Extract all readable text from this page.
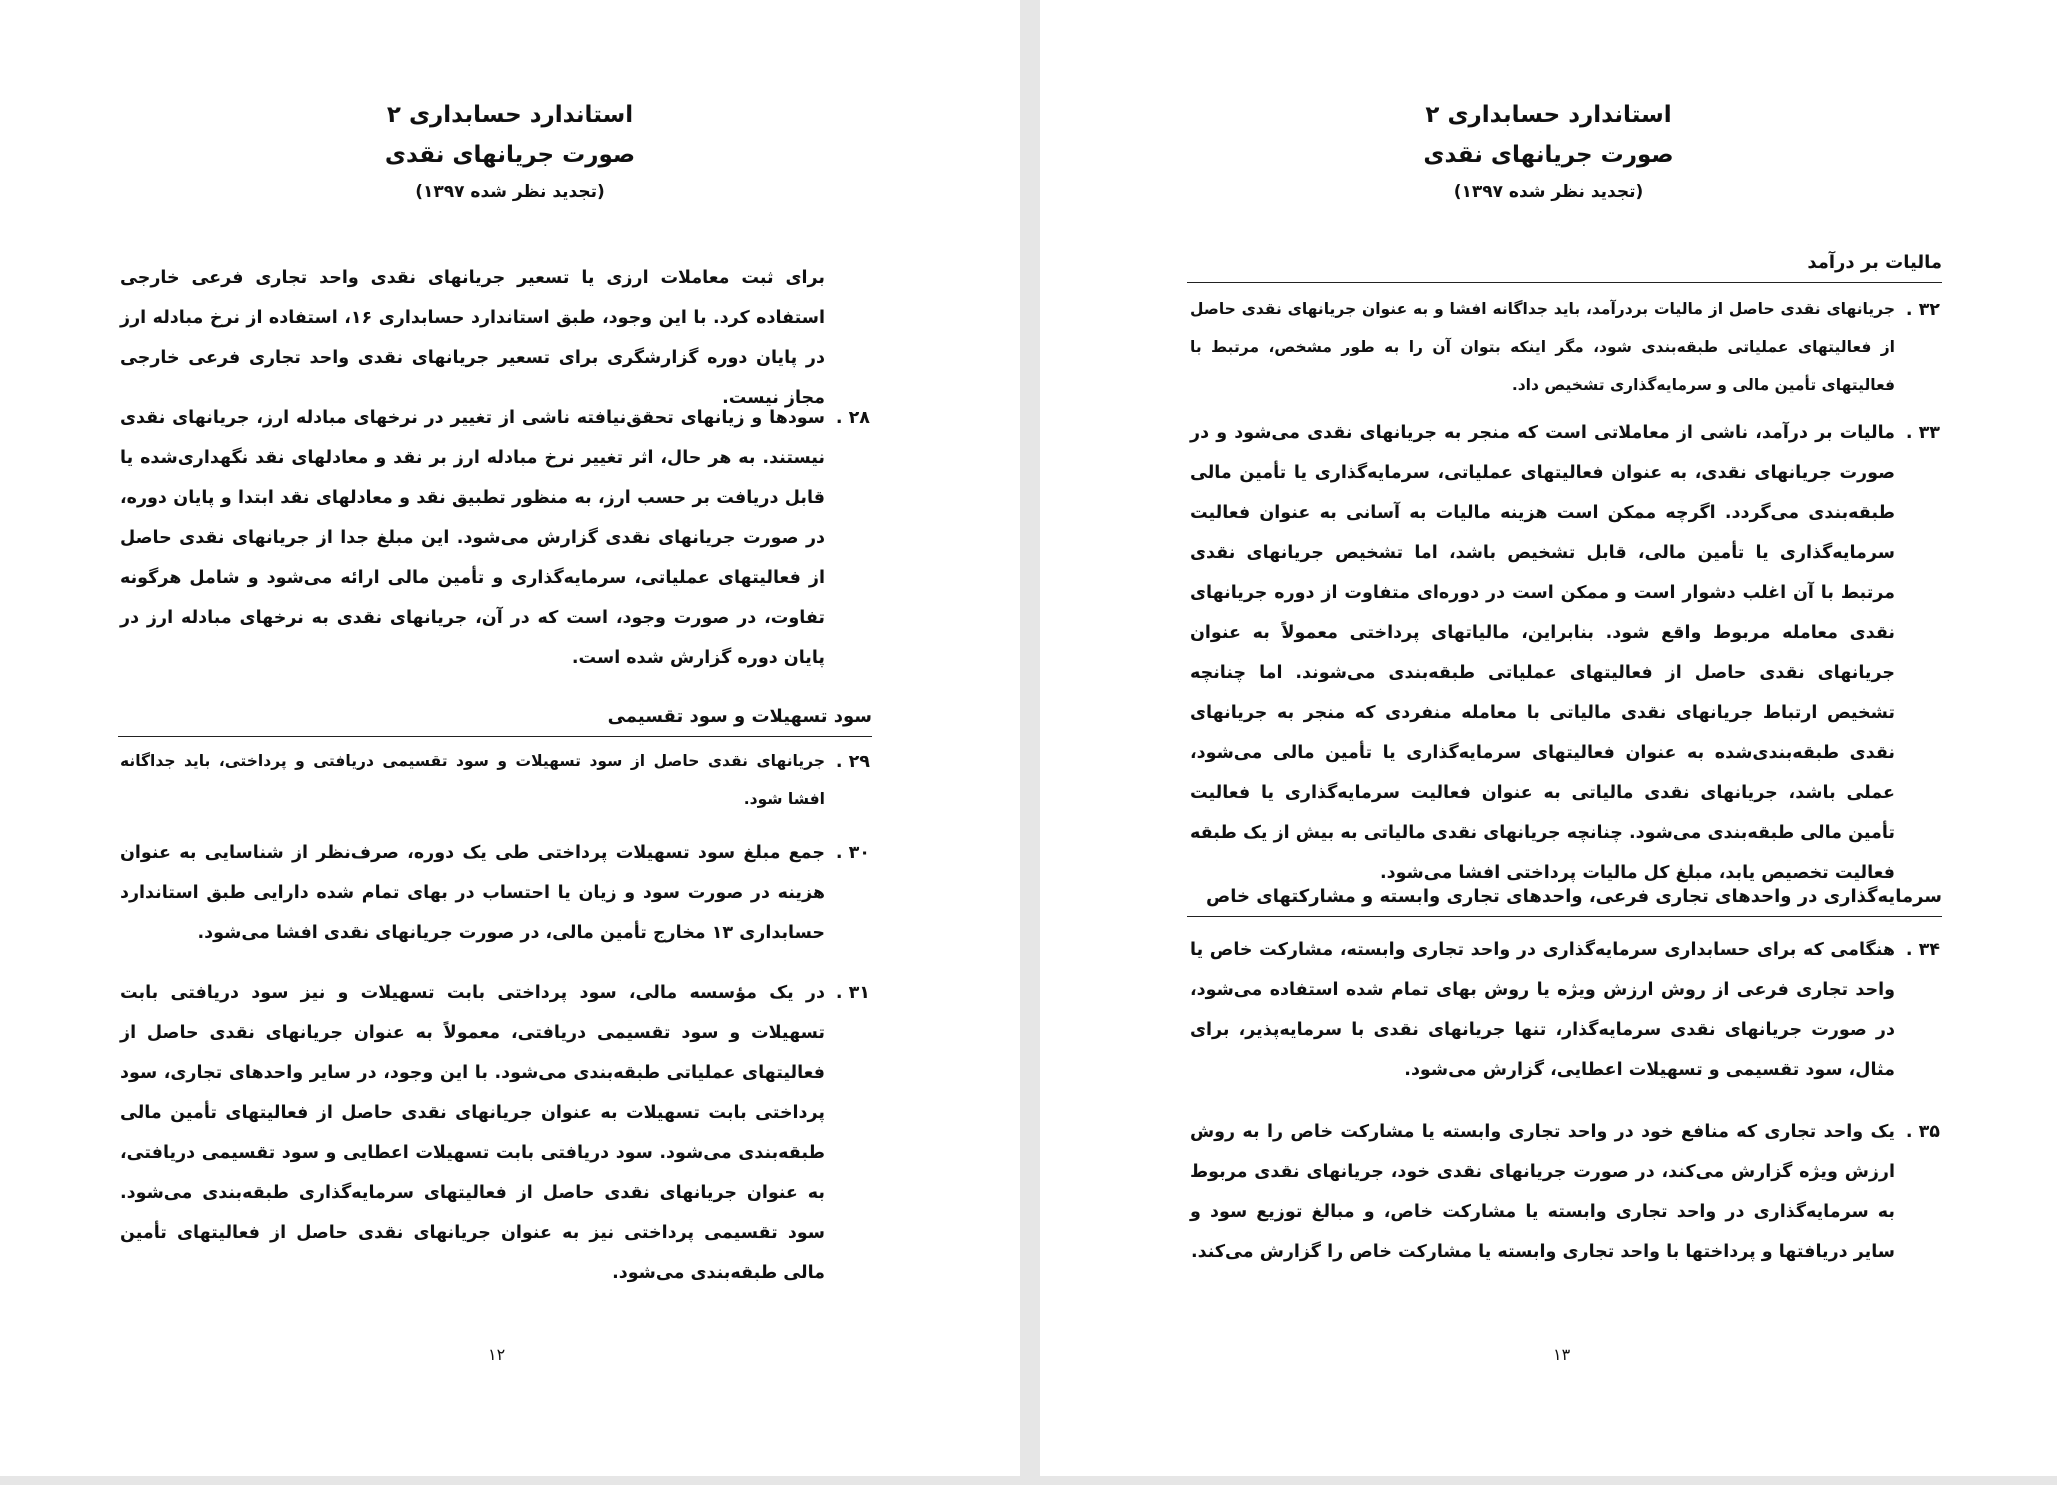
استاندارد حسابداری ۲
صورت جریانهای نقدی
(تجدید نظر شده ۱۳۹۷)
برای ثبت معاملات ارزی یا تسعیر جریانهای نقدی واحد تجاری فرعی خارجی استفاده کرد. با این وجود، طبق استاندارد حسابداری ۱۶، استفاده از نرخ مبادله ارز در پایان دوره گزارشگری برای تسعیر جریانهای نقدی واحد تجاری فرعی خارجی مجاز نیست.
۲۸ .
سودها و زیانهای تحقق‌نیافته ناشی از تغییر در نرخهای مبادله ارز، جریانهای نقدی نیستند. به هر حال، اثر تغییر نرخ مبادله ارز بر نقد و معادلهای نقد نگهداری‌شده یا قابل دریافت بر حسب ارز، به منظور تطبیق نقد و معادلهای نقد ابتدا و پایان دوره، در صورت جریانهای نقدی گزارش می‌شود. این مبلغ جدا از جریانهای نقدی حاصل از فعالیتهای عملیاتی، سرمایه‌گذاری و تأمین مالی ارائه می‌شود و شامل هرگونه تفاوت، در صورت وجود، است که در آن، جریانهای نقدی به نرخهای مبادله ارز در پایان دوره گزارش شده است.
سود تسهیلات و سود تقسیمی
۲۹ .
جریانهای نقدی حاصل از سود تسهیلات و سود تقسیمی دریافتی و پرداختی، باید جداگانه افشا شود.
۳۰ .
جمع مبلغ سود تسهیلات پرداختی طی یک دوره، صرف‌نظر از شناسایی به عنوان هزینه در صورت سود و زیان یا احتساب در بهای تمام شده دارایی طبق استاندارد حسابداری ۱۳ مخارج تأمین مالی، در صورت جریانهای نقدی افشا می‌شود.
۳۱ .
در یک مؤسسه مالی، سود پرداختی بابت تسهیلات و نیز سود دریافتی بابت تسهیلات و سود تقسیمی دریافتی، معمولاً به عنوان جریانهای نقدی حاصل از فعالیتهای عملیاتی طبقه‌بندی می‌شود. با این وجود، در سایر واحدهای تجاری، سود پرداختی بابت تسهیلات به عنوان جریانهای نقدی حاصل از فعالیتهای تأمین مالی طبقه‌بندی می‌شود. سود دریافتی بابت تسهیلات اعطایی و سود تقسیمی دریافتی، به عنوان جریانهای نقدی حاصل از فعالیتهای سرمایه‌گذاری طبقه‌بندی می‌شود. سود تقسیمی پرداختی نیز به عنوان جریانهای نقدی حاصل از فعالیتهای تأمین مالی طبقه‌بندی می‌شود.
۱۲
استاندارد حسابداری ۲
صورت جریانهای نقدی
(تجدید نظر شده ۱۳۹۷)
مالیات بر درآمد
۳۲ .
جریانهای نقدی حاصل از مالیات بردرآمد، باید جداگانه افشا و به عنوان جریانهای نقدی حاصل از فعالیتهای عملیاتی طبقه‌بندی شود، مگر اینکه بتوان آن را به طور مشخص، مرتبط با فعالیتهای تأمین مالی و سرمایه‌گذاری تشخیص داد.
۳۳ .
مالیات بر درآمد، ناشی از معاملاتی است که منجر به جریانهای نقدی می‌شود و در صورت جریانهای نقدی، به عنوان فعالیتهای عملیاتی، سرمایه‌گذاری یا تأمین مالی طبقه‌بندی می‌گردد. اگرچه ممکن است هزینه مالیات به آسانی به عنوان فعالیت سرمایه‌گذاری یا تأمین مالی، قابل تشخیص باشد، اما تشخیص جریانهای نقدی مرتبط با آن اغلب دشوار است و ممکن است در دوره‌ای متفاوت از دوره جریانهای نقدی معامله مربوط واقع شود. بنابراین، مالیاتهای پرداختی معمولاً به عنوان جریانهای نقدی حاصل از فعالیتهای عملیاتی طبقه‌بندی می‌شوند. اما چنانچه تشخیص ارتباط جریانهای نقدی مالیاتی با معامله منفردی که منجر به جریانهای نقدی طبقه‌بندی‌شده به عنوان فعالیتهای سرمایه‌گذاری یا تأمین مالی می‌شود، عملی باشد، جریانهای نقدی مالیاتی به عنوان فعالیت سرمایه‌گذاری یا فعالیت تأمین مالی طبقه‌بندی می‌شود. چنانچه جریانهای نقدی مالیاتی به بیش از یک طبقه فعالیت تخصیص یابد، مبلغ کل مالیات پرداختی افشا می‌شود.
سرمایه‌گذاری در واحدهای تجاری فرعی، واحدهای تجاری وابسته و مشارکتهای خاص
۳۴ .
هنگامی که برای حسابداری سرمایه‌گذاری در واحد تجاری وابسته، مشارکت خاص یا واحد تجاری فرعی از روش ارزش ویژه یا روش بهای تمام شده استفاده می‌شود، در صورت جریانهای نقدی سرمایه‌گذار، تنها جریانهای نقدی با سرمایه‌پذیر، برای مثال، سود تقسیمی و تسهیلات اعطایی، گزارش می‌شود.
۳۵ .
یک واحد تجاری که منافع خود در واحد تجاری وابسته یا مشارکت خاص را به روش ارزش ویژه گزارش می‌کند، در صورت جریانهای نقدی خود، جریانهای نقدی مربوط به سرمایه‌گذاری در واحد تجاری وابسته یا مشارکت خاص، و مبالغ توزیع سود و سایر دریافتها و پرداختها با واحد تجاری وابسته یا مشارکت خاص را گزارش می‌کند.
۱۳
